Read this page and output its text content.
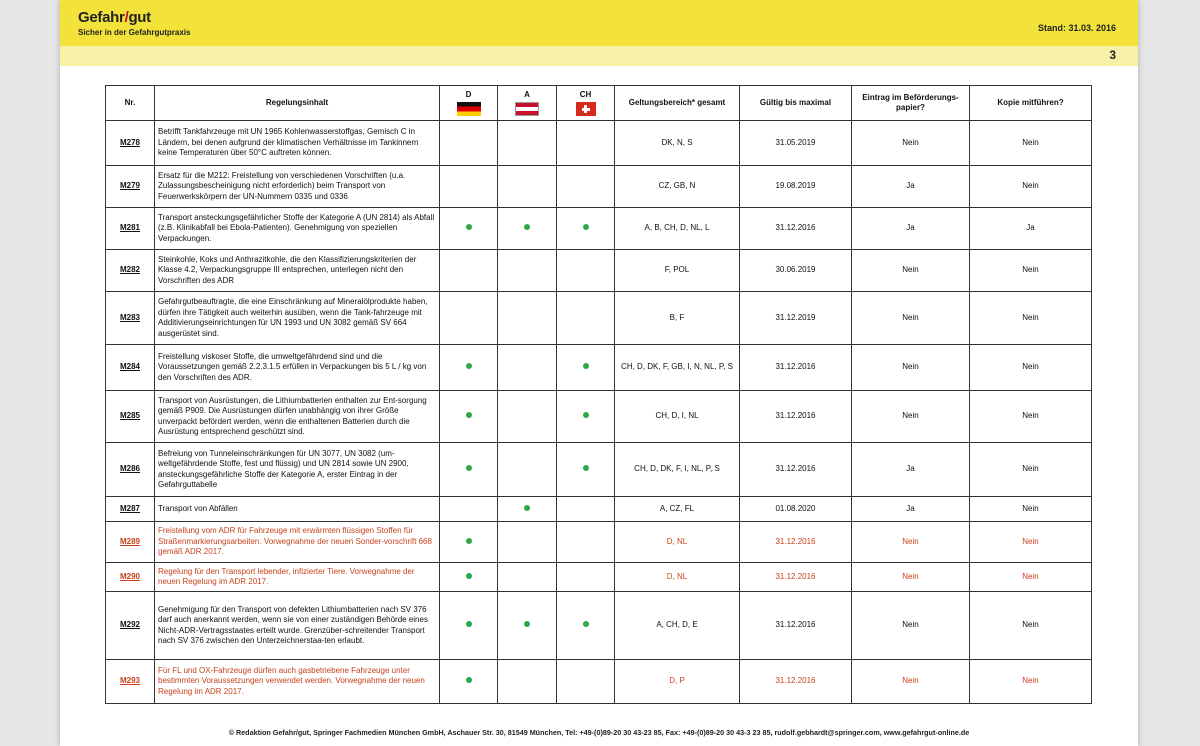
Gefahr/gut
Sicher in der Gefahrgutpraxis	Stand: 31.03. 2016
3
Nr.	Regelungsinhalt	D	A	CH	Geltungsbereich* gesamt	Gültig bis maximal	Eintrag im Beförderungs-papier?	Kopie mitführen?
M278	Betrifft Tankfahrzeuge mit UN 1965 Kohlenwasserstoffgas, Gemisch C in Ländern, bei denen aufgrund der klimatischen Verhältnisse im Tankinnern keine Temperaturen über 50°C auftreten können.				DK, N, S	31.05.2019	Nein	Nein
M279	Ersatz für die M212: Freistellung von verschiedenen Vorschriften (u.a. Zulassungsbescheinigung nicht erforderlich) beim Transport von Feuerwerkskörpern der UN-Nummern 0335 und 0336				CZ, GB, N	19.08.2019	Ja	Nein
M281	Transport ansteckungsgefährlicher Stoffe der Kategorie A (UN 2814) als Abfall (z.B. Klinikabfall bei Ebola-Patienten). Genehmigung von speziellen Verpackungen.				A, B, CH, D, NL, L	31.12.2016	Ja	Ja
M282	Steinkohle, Koks und Anthrazitkohle, die den Klassifizierungskriterien der Klasse 4.2, Verpackungsgruppe III entsprechen, unterlegen nicht den Vorschriften des ADR				F, POL	30.06.2019	Nein	Nein
M283	Gefahrgutbeauftragte, die eine Einschränkung auf Mineralölprodukte haben, dürfen ihre Tätigkeit auch weiterhin ausüben, wenn die Tank-fahrzeuge mit Additivierungseinrichtungen für UN 1993 und UN 3082 gemäß SV 664 ausgerüstet sind.				B, F	31.12.2019	Nein	Nein
M284	Freistellung viskoser Stoffe, die umweltgefährdend sind und die Voraussetzungen gemäß 2.2.3.1.5 erfüllen in Verpackungen bis 5 L / kg von den Vorschriften des ADR.				CH, D, DK, F, GB, I, N, NL, P, S	31.12.2016	Nein	Nein
M285	Transport von Ausrüstungen, die Lithiumbatterien enthalten zur Ent-sorgung gemäß P909. Die Ausrüstungen dürfen unabhängig von ihrer Größe unverpackt befördert werden, wenn die enthaltenen Batterien durch die Ausrüstung entsprechend geschützt sind.				CH, D, I, NL	31.12.2016	Nein	Nein
M286	Befreiung von Tunneleinschränkungen für UN 3077, UN 3082 (um-weltgefährdende Stoffe, fest und flüssig) und UN 2814 sowie UN 2900, ansteckungsgefährliche Stoffe der Kategorie A, erster Eintrag in der Gefahrguttabelle				CH, D, DK, F, I, NL, P, S	31.12.2016	Ja	Nein
M287	Transport von Abfällen				A, CZ, FL	01.08.2020	Ja	Nein
M289	Freistellung vom ADR für Fahrzeuge mit erwärmten flüssigen Stoffen für Straßenmarkierungsarbeiten. Vorwegnahme der neuen Sonder-vorschrift 668 gemäß ADR 2017.				D, NL	31.12.2016	Nein	Nein
M290	Regelung für den Transport lebender, infizierter Tiere. Vorwegnahme der neuen Regelung im ADR 2017.				D, NL	31.12.2016	Nein	Nein
M292	Genehmigung für den Transport von defekten Lithiumbatterien nach SV 376 darf auch anerkannt werden, wenn sie von einer zuständigen Behörde eines Nicht-ADR-Vertragsstaates erteilt wurde. Grenzüber-schreitender Transport nach SV 376 zwischen den Unterzeichnerstaa-ten erlaubt.				A, CH, D, E	31.12.2016	Nein	Nein
M293	Für FL und OX-Fahrzeuge dürfen auch gasbetriebene Fahrzeuge unter bestimmten Voraussetzungen verwendet werden. Vorwegnahme der neuen Regelung im ADR 2017.				D, P	31.12.2016	Nein	Nein
© Redaktion Gefahr/gut, Springer Fachmedien München GmbH, Aschauer Str. 30, 81549 München, Tel: +49-(0)89-20 30 43-23 85, Fax: +49-(0)89-20 30 43-3 23 85, rudolf.gebhardt@springer.com, www.gefahrgut-online.de
